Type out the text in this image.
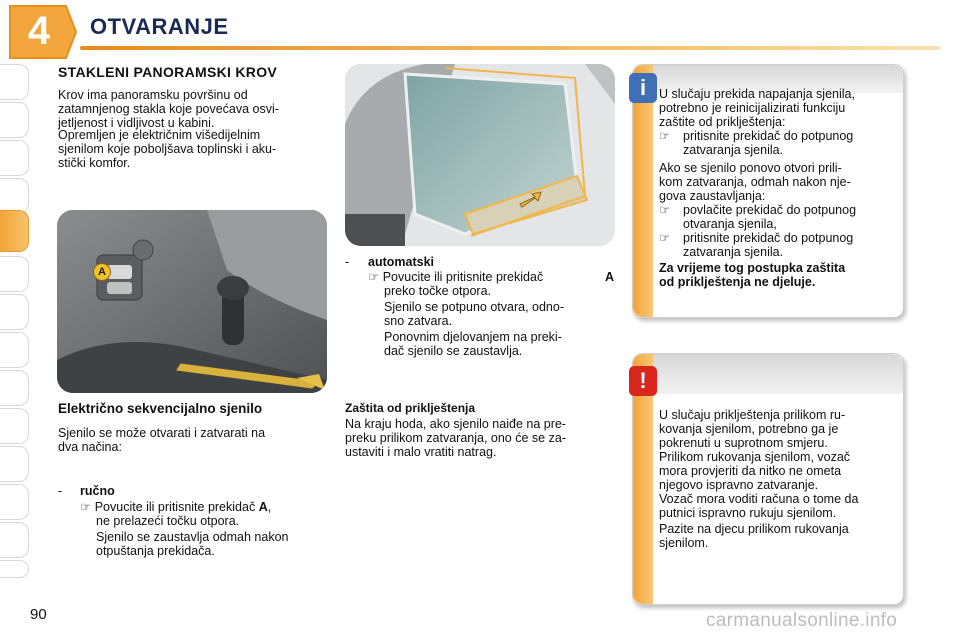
4	OTVARANJE
STAKLENI PANORAMSKI KROV
Krov ima panoramsku površinu od
zatamnjenog stakla koje povećava osvi-
jetljenost i vidljivost u kabini.
Opremljen je električnim višedijelnim
sjenilom koje poboljšava toplinski i aku-
stički komfor.
A
Električno sekvencijalno sjenilo
Sjenilo se može otvarati i zatvarati na
dva načina:
- ručno
☞ Povucite ili pritisnite prekidač A,
ne prelazeći točku otpora.
Sjenilo se zaustavlja odmah nakon
otpuštanja prekidača.
- automatski
☞ Povucite ili pritisnite prekidač	A
preko točke otpora.
Sjenilo se potpuno otvara, odno-
sno zatvara.
Ponovnim djelovanjem na preki-
dač sjenilo se zaustavlja.
Zaštita od priklještenja
Na kraju hoda, ako sjenilo naiđe na pre-
preku prilikom zatvaranja, ono će se za-
ustaviti i malo vratiti natrag.
i	U slučaju prekida napajanja sjenila,
potrebno je reinicijalizirati funkciju
zaštite od priklještenja:
☞ pritisnite prekidač do potpunog
zatvaranja sjenila.
Ako se sjenilo ponovo otvori prili-
kom zatvaranja, odmah nakon nje-
gova zaustavljanja:
☞ povlačite prekidač do potpunog
otvaranja sjenila,
☞ pritisnite prekidač do potpunog
zatvaranja sjenila.
Za vrijeme tog postupka zaštita
od priklještenja ne djeluje.
!
U slučaju priklještenja prilikom ru-
kovanja sjenilom, potrebno ga je
pokrenuti u suprotnom smjeru.
Prilikom rukovanja sjenilom, vozač
mora provjeriti da nitko ne ometa
njegovo ispravno zatvaranje.
Vozač mora voditi računa o tome da
putnici ispravno rukuju sjenilom.
Pazite na djecu prilikom rukovanja
sjenilom.
90	carmanualsonline.info
